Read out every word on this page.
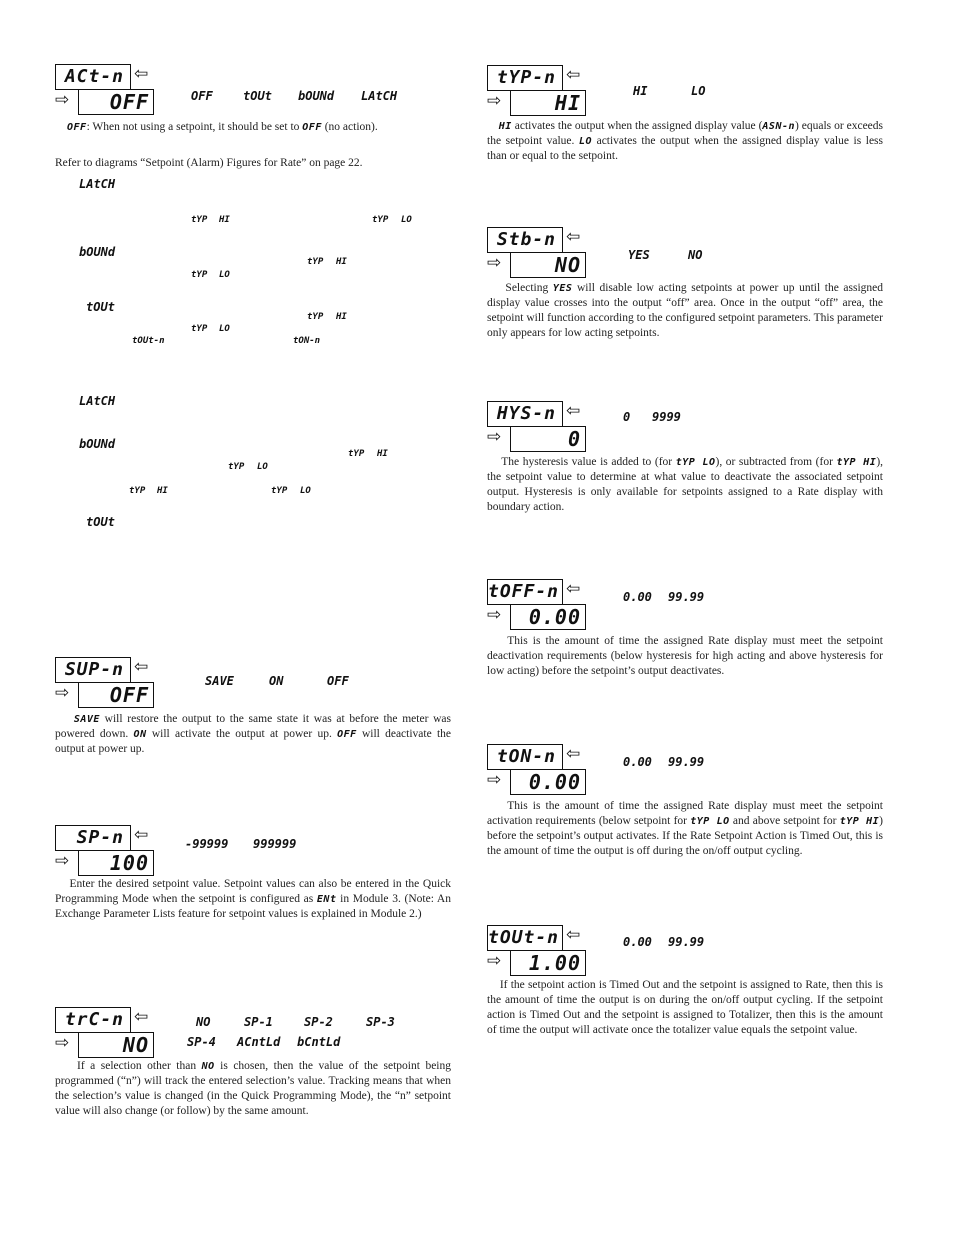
ACt-n ⇦
⇨	OFF	OFF	tOUt bOUNd LAtCH
OFF: When not using a setpoint, it should be set to OFF (no action).
Refer to diagrams “Setpoint (Alarm) Figures for Rate” on page 22.
LAtCH
tYP HI	tYP LO
bOUNd
tYP HI
tYP LO
tOUt
tYP HI
tYP LO
tOUt-n	tON-n
LAtCH
bOUNd
tYP HI
tYP LO
tYP HI	tYP LO
tOUt
SUP-n ⇦
⇨	OFF
SAVE	ON	OFF
SAVE will restore the output to the same state it was at before the meter was powered down. ON will activate the output at power up. OFF will deactivate the output at power up.
SP-n ⇦
⇨	100
-99999 999999
Enter the desired setpoint value. Setpoint values can also be entered in the Quick Programming Mode when the setpoint is configured as ENt in Module 3. (Note: An Exchange Parameter Lists feature for setpoint values is explained in Module 2.)
trC-n ⇦
⇨	NO
NO	SP-1	SP-2	SP-3
SP-4 ACntLd bCntLd
If a selection other than NO is chosen, then the value of the setpoint being programmed (“n”) will track the entered selection’s value. Tracking means that when the selection’s value is changed (in the Quick Programming Mode), the “n” setpoint value will also change (or follow) by the same amount.
tYP-n ⇦
⇨	HI	HI	LO
HI activates the output when the assigned display value (ASN-n) equals or exceeds the setpoint value. LO activates the output when the assigned display value is less than or equal to the setpoint.
Stb-n ⇦
⇨	NO	YES	NO
Selecting YES will disable low acting setpoints at power up until the assigned display value crosses into the output “off” area. Once in the output “off” area, the setpoint will function according to the configured setpoint parameters. This parameter only appears for low acting setpoints.
HYS-n ⇦
⇨	0
0 9999
The hysteresis value is added to (for tYP LO), or subtracted from (for tYP HI), the setpoint value to determine at what value to deactivate the associated setpoint output. Hysteresis is only available for setpoints assigned to a Rate display with boundary action.
tOFF-n ⇦
⇨	0.00
0.00 99.99
This is the amount of time the assigned Rate display must meet the setpoint deactivation requirements (below hysteresis for high acting and above hysteresis for low acting) before the setpoint’s output deactivates.
tON-n ⇦
⇨	0.00
0.00 99.99
This is the amount of time the assigned Rate display must meet the setpoint activation requirements (below setpoint for tYP LO and above setpoint for tYP HI) before the setpoint’s output activates. If the Rate Setpoint Action is Timed Out, this is the amount of time the output is off during the on/off output cycling.
tOUt-n ⇦
⇨	1.00
0.00 99.99
If the setpoint action is Timed Out and the setpoint is assigned to Rate, then this is the amount of time the output is on during the on/off output cycling. If the setpoint action is Timed Out and the setpoint is assigned to Totalizer, then this is the amount of time the output will activate once the totalizer value equals the setpoint value.
